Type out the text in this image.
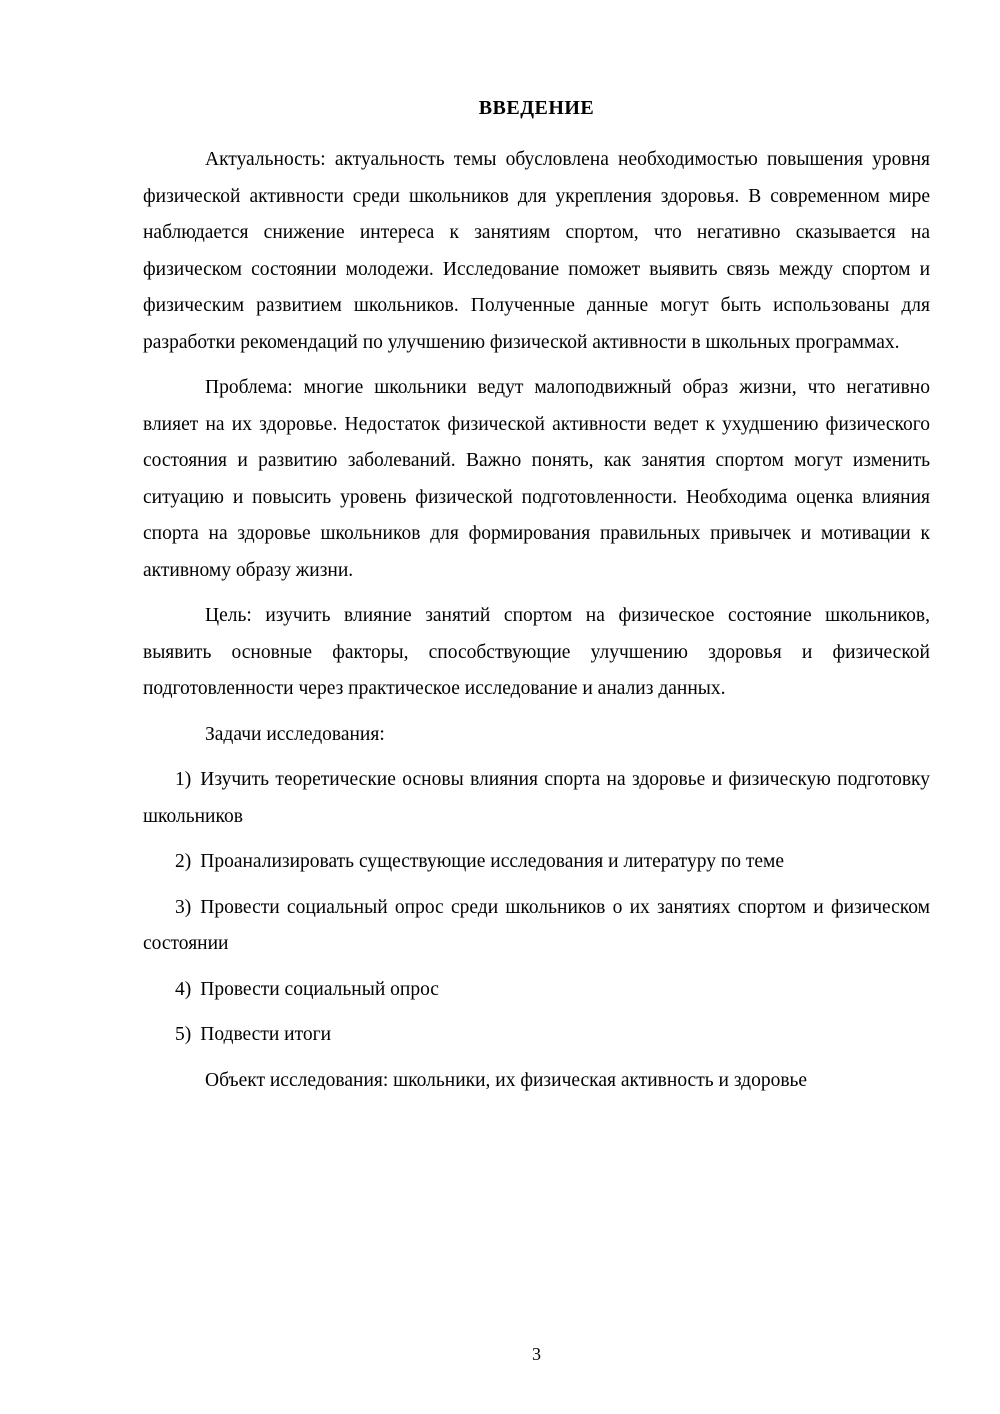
ВВЕДЕНИЕ

Актуальность: актуальность темы обусловлена необходимостью повышения уровня физической активности среди школьников для укрепления здоровья. В современном мире наблюдается снижение интереса к занятиям спортом, что негативно сказывается на физическом состоянии молодежи. Исследование поможет выявить связь между спортом и физическим развитием школьников. Полученные данные могут быть использованы для разработки рекомендаций по улучшению физической активности в школьных программах.

Проблема: многие школьники ведут малоподвижный образ жизни, что негативно влияет на их здоровье. Недостаток физической активности ведет к ухудшению физического состояния и развитию заболеваний. Важно понять, как занятия спортом могут изменить ситуацию и повысить уровень физической подготовленности. Необходима оценка влияния спорта на здоровье школьников для формирования правильных привычек и мотивации к активному образу жизни.

Цель: изучить влияние занятий спортом на физическое состояние школьников, выявить основные факторы, способствующие улучшению здоровья и физической подготовленности через практическое исследование и анализ данных.

Задачи исследования:

1) Изучить теоретические основы влияния спорта на здоровье и физическую подготовку школьников

2) Проанализировать существующие исследования и литературу по теме

3) Провести социальный опрос среди школьников о их занятиях спортом и физическом состоянии

4) Провести социальный опрос

5) Подвести итоги

Объект исследования: школьники, их физическая активность и здоровье

3
